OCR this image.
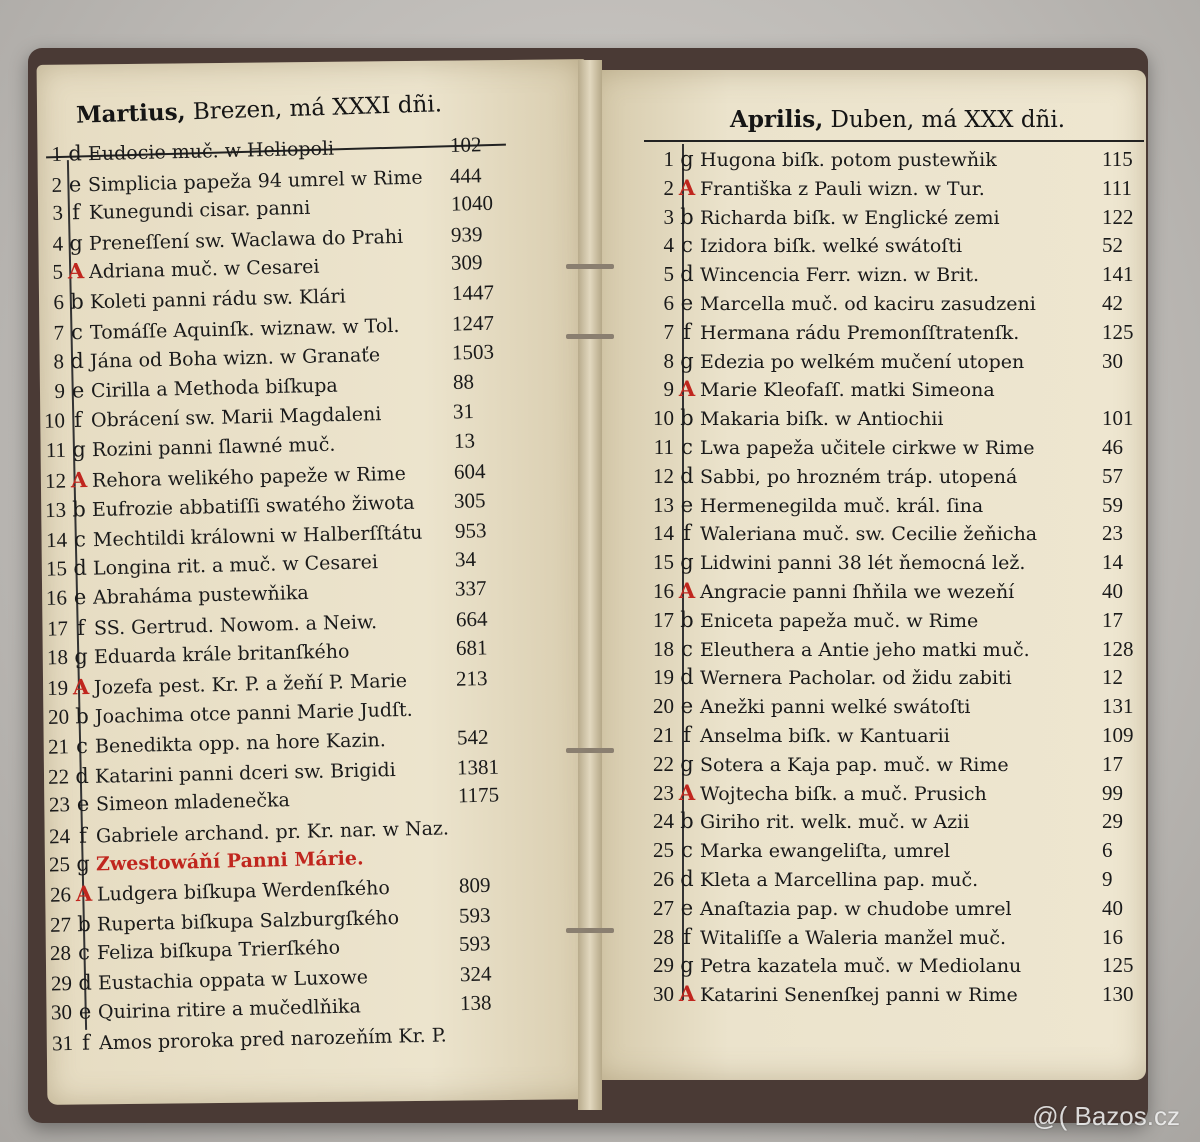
Martius, Brezen, má XXXI dñi.	Aprilis, Duben, má XXX dñi.
1 d Eudocie muč. w Heliopoli	102
2 e Simplicia papeža 94 umrel w Rime 444
3 f Kunegundi cisar. panni	1040
4 g Preneſſení sw. Waclawa do Prahi 939
5 A Adriana muč. w Cesarei	309
6 b Koleti panni rádu sw. Klári	1447
7 c Tomáſſe Aquinſk. wiznaw. w Tol. 1247
8 d Jána od Boha wizn. w Granaťe	1503
9 e Cirilla a Methoda biſkupa	88
10 f Obrácení sw. Marii Magdaleni	31
11 g Rozini panni ſlawné muč.	13
12 A Rehora welikého papeže w Rime 604
13 b Eufrozie abbatiſſi swatého žiwota 305
14 c Mechtildi králowni w Halberſſtátu 953
15 d Longina rit. a muč. w Cesarei	34
16 e Abrahámа pustewňika	337
17 f SS. Gertrud. Nowom. a Neiw.	664
18 g Eduarda krále britanſkého	681
19 A Jozefa pest. Kr. P. a žeňí P. Marie 213
20 b Joachima otce panni Marie Judſt.
21 c Benedikta opp. na hore Kazin.	542
22 d Katarini panni dceri sw. Brigidi	1381
23 e Simeon mladenečka	1175
24 f Gabriele archand. pr. Kr. nar. w Naz.
25 g Zwestowáňí Panni Márie.
26 A Ludgera biſkupa Werdenſkého	809
27 b Ruperta biſkupa Salzburgſkého	593
28 c Feliza biſkupa Trierſkého	593
29 d Eustachia oppata w Luxowe	324
30 e Quirina ritire a mučedlňika	138
31 f Amos proroka pred narozeňím Kr. P.
1 g Hugona biſk. potom pustewňik	115
2 A Františka z Pauli wizn. w Tur.	111
3 b Richarda biſk. w Englické zemi	122
4 c Izidora biſk. welké swátoſti	52
5 d Wincencia Ferr. wizn. w Brit.	141
6 e Marcella muč. od kaciru zasudzeni	42
7 f Hermana rádu Premonſſtratenſk.	125
8 g Edezia po welkém mučení utopen	30
9 A Marie Kleofaſſ. matki Simeona
10 b Makaria biſk. w Antiochii	101
11 c Lwa papeža učitele cirkwe w Rime	46
12 d Sabbi, po hrozném tráp. utopená	57
13 e Hermenegilda muč. král. ſina	59
14 f Waleriana muč. sw. Cecilie žeňicha	23
15 g Lidwini panni 38 lét ňemocná lež.	14
16 A Angracie panni ſhňila we wezeňí	40
17 b Eniceta papeža muč. w Rime	17
18 c Eleuthera a Antie jeho matki muč.	128
19 d Wernera Pacholar. od židu zabiti	12
20 e Anežki panni welké swátoſti	131
21 f Anselma biſk. w Kantuarii	109
22 g Sotera a Kaja pap. muč. w Rime	17
23 A Wojtecha biſk. a muč. Prusich	99
24 b Giriho rit. welk. muč. w Azii	29
25 c Marka ewangeliſta, umrel	6
26 d Kleta a Marcellina pap. muč.	9
27 e Anaſtazia pap. w chudobe umrel	40
28 f Witaliſſe a Waleria manžel muč.	16
29 g Petra kazatela muč. w Mediolanu	125
30 A Katarini Senenſkej panni w Rime	130
@( Bazos.cz
